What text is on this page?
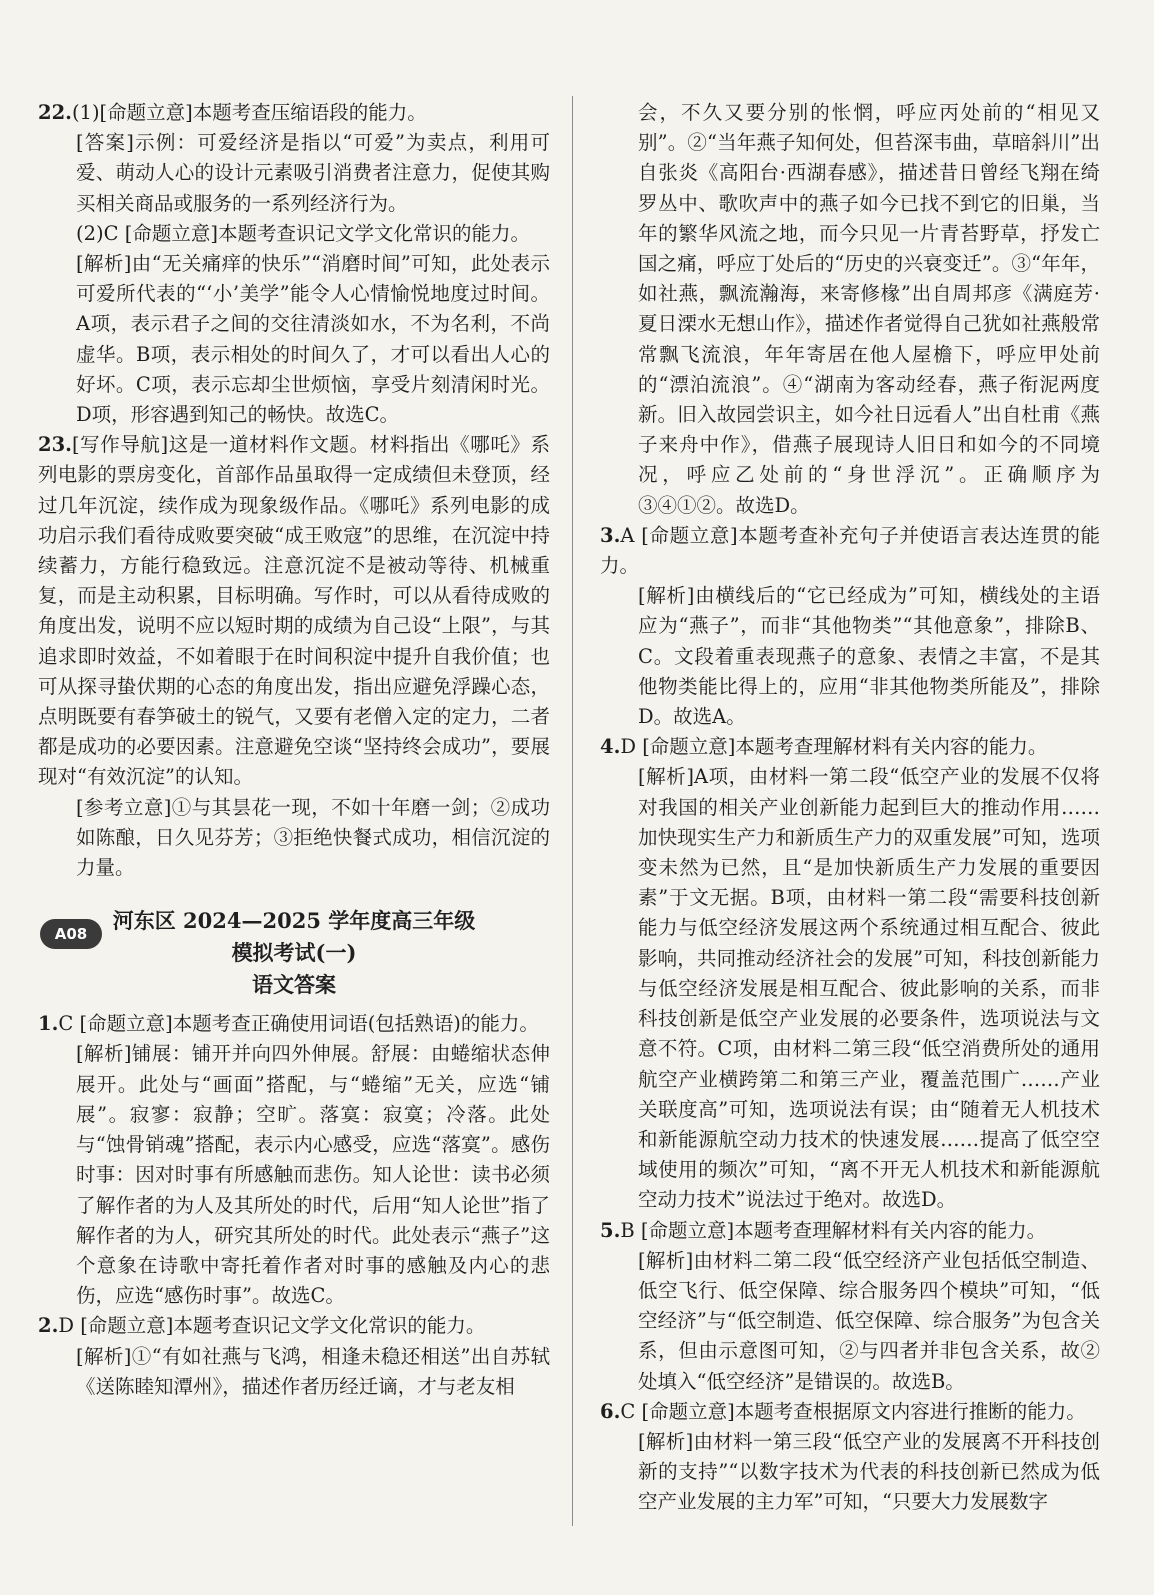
22.(1)[命题立意]本题考查压缩语段的能力。

[答案]示例：可爱经济是指以“可爱”为卖点，利用可爱、萌动人心的设计元素吸引消费者注意力，促使其购买相关商品或服务的一系列经济行为。

(2)C [命题立意]本题考查识记文学文化常识的能力。

[解析]由“无关痛痒的快乐”“消磨时间”可知，此处表示可爱所代表的“‘小’美学”能令人心情愉悦地度过时间。A项，表示君子之间的交往清淡如水，不为名利，不尚虚华。B项，表示相处的时间久了，才可以看出人心的好坏。C项，表示忘却尘世烦恼，享受片刻清闲时光。D项，形容遇到知己的畅快。故选C。

23.[写作导航]这是一道材料作文题。材料指出《哪吒》系列电影的票房变化，首部作品虽取得一定成绩但未登顶，经过几年沉淀，续作成为现象级作品。《哪吒》系列电影的成功启示我们看待成败要突破“成王败寇”的思维，在沉淀中持续蓄力，方能行稳致远。注意沉淀不是被动等待、机械重复，而是主动积累，目标明确。写作时，可以从看待成败的角度出发，说明不应以短时期的成绩为自己设“上限”，与其追求即时效益，不如着眼于在时间积淀中提升自我价值；也可从探寻蛰伏期的心态的角度出发，指出应避免浮躁心态，点明既要有春笋破土的锐气，又要有老僧入定的定力，二者都是成功的必要因素。注意避免空谈“坚持终会成功”，要展现对“有效沉淀”的认知。

[参考立意]①与其昙花一现，不如十年磨一剑；②成功如陈酿，日久见芬芳；③拒绝快餐式成功，相信沉淀的力量。

A08
河东区 2024—2025 学年度高三年级
模拟考试(一)
语文答案

1.C [命题立意]本题考查正确使用词语(包括熟语)的能力。

[解析]铺展：铺开并向四外伸展。舒展：由蜷缩状态伸展开。此处与“画面”搭配，与“蜷缩”无关，应选“铺展”。寂寥：寂静；空旷。落寞：寂寞；冷落。此处与“蚀骨销魂”搭配，表示内心感受，应选“落寞”。感伤时事：因对时事有所感触而悲伤。知人论世：读书必须了解作者的为人及其所处的时代，后用“知人论世”指了解作者的为人，研究其所处的时代。此处表示“燕子”这个意象在诗歌中寄托着作者对时事的感触及内心的悲伤，应选“感伤时事”。故选C。

2.D [命题立意]本题考查识记文学文化常识的能力。

[解析]①“有如社燕与飞鸿，相逢未稳还相送”出自苏轼《送陈睦知潭州》，描述作者历经迁谪，才与老友相

会，不久又要分别的怅惘，呼应丙处前的“相见又别”。②“当年燕子知何处，但苔深韦曲，草暗斜川”出自张炎《高阳台·西湖春感》，描述昔日曾经飞翔在绮罗丛中、歌吹声中的燕子如今已找不到它的旧巢，当年的繁华风流之地，而今只见一片青苔野草，抒发亡国之痛，呼应丁处后的“历史的兴衰变迁”。③“年年，如社燕，飘流瀚海，来寄修椽”出自周邦彦《满庭芳·夏日溧水无想山作》，描述作者觉得自己犹如社燕般常常飘飞流浪，年年寄居在他人屋檐下，呼应甲处前的“漂泊流浪”。④“湖南为客动经春，燕子衔泥两度新。旧入故园尝识主，如今社日远看人”出自杜甫《燕子来舟中作》，借燕子展现诗人旧日和如今的不同境况，呼应乙处前的“身世浮沉”。正确顺序为③④①②。故选D。

3.A [命题立意]本题考查补充句子并使语言表达连贯的能力。

[解析]由横线后的“它已经成为”可知，横线处的主语应为“燕子”，而非“其他物类”“其他意象”，排除B、C。文段着重表现燕子的意象、表情之丰富，不是其他物类能比得上的，应用“非其他物类所能及”，排除D。故选A。

4.D [命题立意]本题考查理解材料有关内容的能力。

[解析]A项，由材料一第二段“低空产业的发展不仅将对我国的相关产业创新能力起到巨大的推动作用……加快现实生产力和新质生产力的双重发展”可知，选项变未然为已然，且“是加快新质生产力发展的重要因素”于文无据。B项，由材料一第二段“需要科技创新能力与低空经济发展这两个系统通过相互配合、彼此影响，共同推动经济社会的发展”可知，科技创新能力与低空经济发展是相互配合、彼此影响的关系，而非科技创新是低空产业发展的必要条件，选项说法与文意不符。C项，由材料二第三段“低空消费所处的通用航空产业横跨第二和第三产业，覆盖范围广……产业关联度高”可知，选项说法有误；由“随着无人机技术和新能源航空动力技术的快速发展……提高了低空空域使用的频次”可知，“离不开无人机技术和新能源航空动力技术”说法过于绝对。故选D。

5.B [命题立意]本题考查理解材料有关内容的能力。

[解析]由材料二第二段“低空经济产业包括低空制造、低空飞行、低空保障、综合服务四个模块”可知，“低空经济”与“低空制造、低空保障、综合服务”为包含关系，但由示意图可知，②与四者并非包含关系，故②处填入“低空经济”是错误的。故选B。

6.C [命题立意]本题考查根据原文内容进行推断的能力。

[解析]由材料一第三段“低空产业的发展离不开科技创新的支持”“以数字技术为代表的科技创新已然成为低空产业发展的主力军”可知，“只要大力发展数字
